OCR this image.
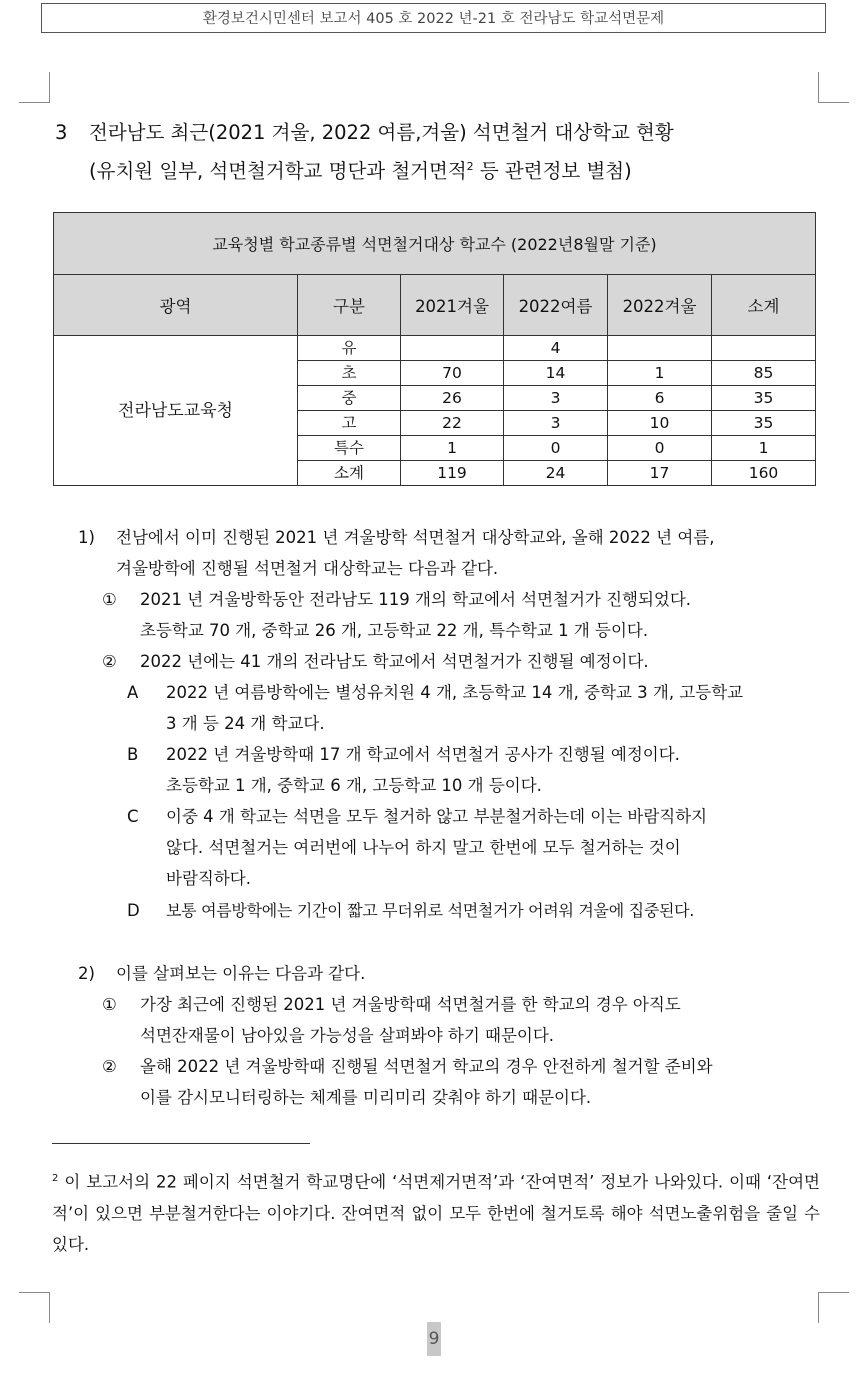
환경보건시민센터 보고서 405 호 2022 년-21 호 전라남도 학교석면문제
3 전라남도 최근(2021 겨울, 2022 여름,겨울) 석면철거 대상학교 현황
(유치원 일부, 석면철거학교 명단과 철거면적$^2$ 등 관련정보 별첨)
교육청별 학교종류별 석면철거대상 학교수 (2022년8월말 기준)					
광역	구분	2021겨울	2022여름	2022겨울	소계
전라남도교육청	유		4		
	초	70	14	1	85
	중	26	3	6	35
	고	22	3	10	35
	특수	1	0	0	1
	소계	119	24	17	160
1) 전남에서 이미 진행된 2021 년 겨울방학 석면철거 대상학교와, 올해 2022 년 여름,
겨울방학에 진행될 석면철거 대상학교는 다음과 같다.
① 2021 년 겨울방학동안 전라남도 119 개의 학교에서 석면철거가 진행되었다.
초등학교 70 개, 중학교 26 개, 고등학교 22 개, 특수학교 1 개 등이다.
② 2022 년에는 41 개의 전라남도 학교에서 석면철거가 진행될 예정이다.
A 2022 년 여름방학에는 별성유치원 4 개, 초등학교 14 개, 중학교 3 개, 고등학교
3 개 등 24 개 학교다.
B 2022 년 겨울방학때 17 개 학교에서 석면철거 공사가 진행될 예정이다.
초등학교 1 개, 중학교 6 개, 고등학교 10 개 등이다.
C 이중 4 개 학교는 석면을 모두 철거하 않고 부분철거하는데 이는 바람직하지
않다. 석면철거는 여러번에 나누어 하지 말고 한번에 모두 철거하는 것이
바람직하다.
D 보통 여름방학에는 기간이 짧고 무더위로 석면철거가 어려워 겨울에 집중된다.
2) 이를 살펴보는 이유는 다음과 같다.
① 가장 최근에 진행된 2021 년 겨울방학때 석면철거를 한 학교의 경우 아직도
석면잔재물이 남아있을 가능성을 살펴봐야 하기 때문이다.
② 올해 2022 년 겨울방학때 진행될 석면철거 학교의 경우 안전하게 철거할 준비와
이를 감시모니터링하는 체계를 미리미리 갖춰야 하기 때문이다.
$^2$ 이 보고서의 22 페이지 석면철거 학교명단에 ‘석면제거면적’과 ‘잔여면적’ 정보가 나와있다. 이때 ‘잔여면적’이 있으면 부분철거한다는 이야기다. 잔여면적 없이 모두 한번에 철거토록 해야 석면노출위험을 줄일 수 있다.
9
